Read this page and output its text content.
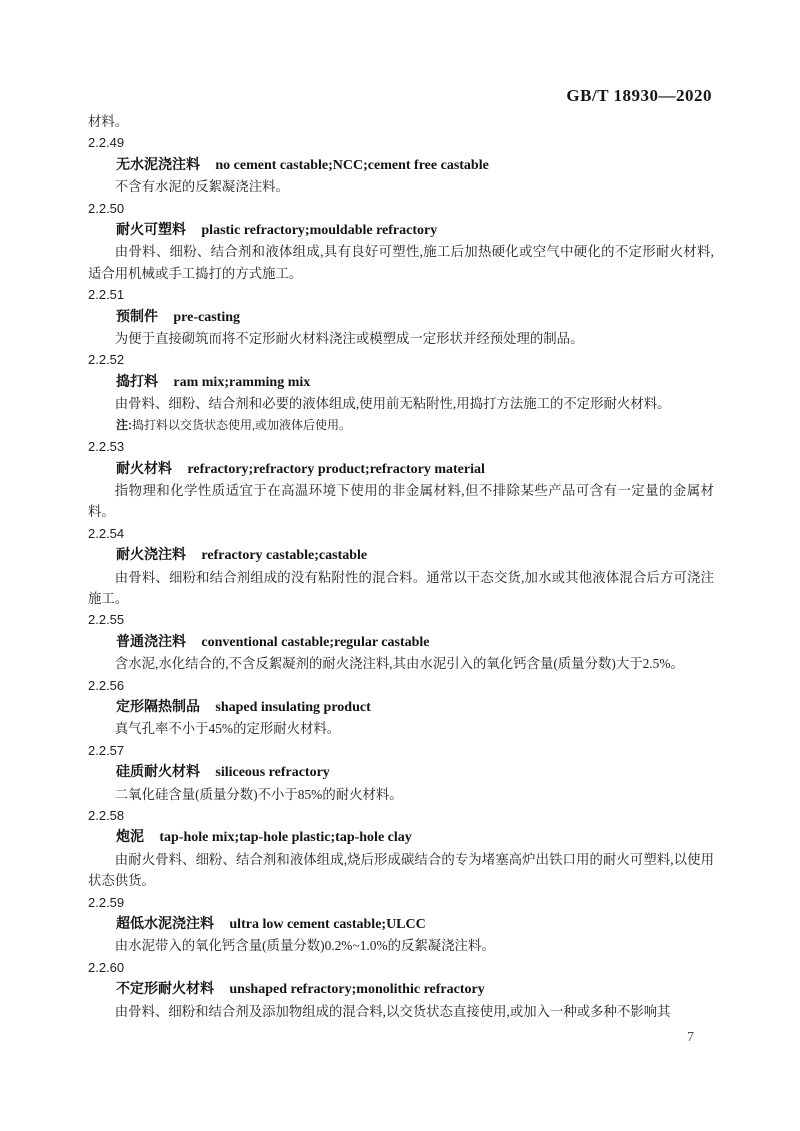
GB/T 18930—2020

材料。

2.2.49
无水泥浇注料 no cement castable;NCC;cement free castable

不含有水泥的反絮凝浇注料。

2.2.50
耐火可塑料 plastic refractory;mouldable refractory

由骨料、细粉、结合剂和液体组成,具有良好可塑性,施工后加热硬化或空气中硬化的不定形耐火材料,适合用机械或手工捣打的方式施工。

2.2.51
预制件 pre-casting

为便于直接砌筑而将不定形耐火材料浇注或模塑成一定形状并经预处理的制品。

2.2.52
捣打料 ram mix;ramming mix

由骨料、细粉、结合剂和必要的液体组成,使用前无粘附性,用捣打方法施工的不定形耐火材料。

注:捣打料以交货状态使用,或加液体后使用。

2.2.53
耐火材料 refractory;refractory product;refractory material

指物理和化学性质适宜于在高温环境下使用的非金属材料,但不排除某些产品可含有一定量的金属材料。

2.2.54
耐火浇注料 refractory castable;castable

由骨料、细粉和结合剂组成的没有粘附性的混合料。通常以干态交货,加水或其他液体混合后方可浇注施工。

2.2.55
普通浇注料 conventional castable;regular castable

含水泥,水化结合的,不含反絮凝剂的耐火浇注料,其由水泥引入的氧化钙含量(质量分数)大于2.5%。

2.2.56
定形隔热制品 shaped insulating product

真气孔率不小于45%的定形耐火材料。

2.2.57
硅质耐火材料 siliceous refractory

二氧化硅含量(质量分数)不小于85%的耐火材料。

2.2.58
炮泥 tap-hole mix;tap-hole plastic;tap-hole clay

由耐火骨料、细粉、结合剂和液体组成,烧后形成碳结合的专为堵塞高炉出铁口用的耐火可塑料,以使用状态供货。

2.2.59
超低水泥浇注料 ultra low cement castable;ULCC

由水泥带入的氧化钙含量(质量分数)0.2%~1.0%的反絮凝浇注料。

2.2.60
不定形耐火材料 unshaped refractory;monolithic refractory

由骨料、细粉和结合剂及添加物组成的混合料,以交货状态直接使用,或加入一种或多种不影响其

7
